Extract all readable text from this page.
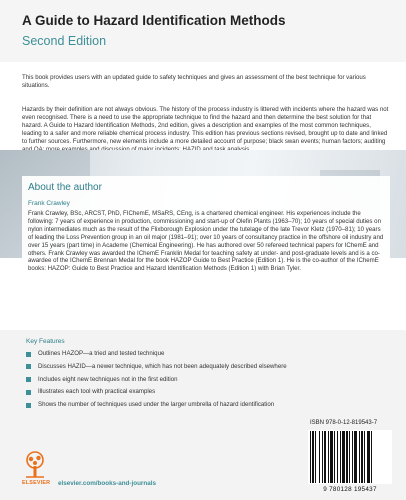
A Guide to Hazard Identification Methods
Second Edition

This book provides users with an updated guide to safety techniques and gives an assessment of the best technique for various situations.

Hazards by their definition are not always obvious. The history of the process industry is littered with incidents where the hazard was not even recognised. There is a need to use the appropriate technique to find the hazard and then determine the best solution for that hazard. A Guide to Hazard Identification Methods, 2nd edition, gives a description and examples of the most common techniques, leading to a safer and more reliable chemical process industry. This edition has previous sections revised, brought up to date and linked to further sources. Furthermore, new elements include a more detailed account of purpose; black swan events; human factors; auditing

About the author
Frank Crawley

Frank Crawley, BSc, ARCST, PhD, FIChemE, MSaRS, CEng, is a chartered chemical engineer. His experiences include the following: 7 years of experience in production, commissioning and start-up of Olefin Plants (1963–70); 10 years of special duties on nylon intermediates much as the result of the Flixborough Explosion under the tutelage of the late Trevor Kletz (1970–81); 10 years of leading the Loss Prevention group in an oil major (1981–91); over 10 years of consultancy practice in the offshore oil industry and over 15 years (part time) in Academe (Chemical Engineering). He has authored over 50 refereed technical papers for IChemE and others. Frank Crawley was awarded the IChemE Franklin Medal for teaching safety at under- and post-graduate levels and is a co-awardee of the IChemE Brennan Medal for the book HAZOP Guide to Best Practice (Edition 1). He is the co-author of the IChemE books: HAZOP: Guide to Best Practice and Hazard Identification Methods (Edition 1) with Brian Tyler.

Key Features
Outlines HAZOP—a tried and tested technique
Discusses HAZID—a newer technique, which has not been adequately described elsewhere
Includes eight new techniques not in the first edition
Illustrates each tool with practical examples
Shows the number of techniques used under the larger umbrella of hazard identification
ELSEVIER elsevier.com/books-and-journals
ISBN 978-0-12-819543-7
9 780128 195437
